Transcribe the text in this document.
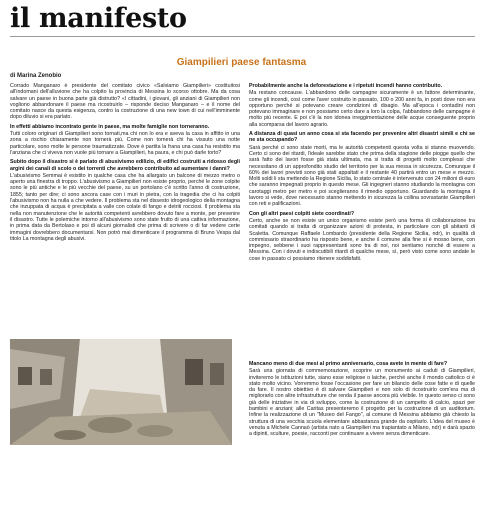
il manifesto
Giampilieri paese fantasma
di Marina Zenobio

Corrado Manganaro è presidente del comitato civico «Salviamo Giampilieri» costituitosi all'indomani dell'alluvione che ha colpito la provincia di Messina lo scorso ottobre. Ma da cosa salvare un paese in buona parte già distrutto? «I cittadini, i giovani, gli anziani di Giampilieri non vogliono abbandonare il paese ma ricostruirlo – risponde deciso Manganaro – e il nome del comitato nasce da questa esigenza, contro la costruzione di una new town di cui nell'imminente dopo diluvio si era parlato.

In effetti abbiamo incontrato gente in paese, ma molte famiglie non torneranno.

Tutti coloro originari di Giampilieri sono tornati,ma chi non lo era e aveva la casa in affitto in una zona a rischio chiaramente non tornerà più. Come non tornerà chi ha vissuto una notte particolare, sono molte le persone traumatizzate. Dove è partita la frana una casa ha resistito ma l'anziana che ci viveva non vuole più tornare a Giampilieri, ha paura, e chi può darle torto?

Subito dopo il disastro si è parlato di abusivismo edilizio, di edifici costruiti a ridosso degli argini dei canali di scolo o dei torrenti che avrebbero contribuito ad aumentare i danni?

L'abusivismo Semmai è esistito in qualche casa che ha allargato un balcone di mezzo metro o aperto una finestra di troppo. L'abusivismo a Giampilieri non esiste proprio, perché le zone colpite sono le più antiche e le più vecchie del paese, su un portolano c'è scritto l'anno di costruzione, 1855; tanto per dire; ci sono ancora case con i muri in pietra, con la tragedia che ci ha colpiti l'abusivismo non ha nulla a che vedere. Il problema sta nel dissesto idrogeologico della montagna che inzuppata di acqua è precipitata a valle con colate di fango e detriti rocciosi. Il problema sta nella non manutenzione che le autorità competenti avrebbero dovuto fare a monte, per prevenire il disastro. Tutte le polemiche intorno all'abusivismo sono state frutto di una cattiva informazione, in prima data da Bertolaso e poi di alcuni giornalisti che prima di scrivere o di far vedere certe immagini dovrebbero documentarsi. Non potrò mai dimenticare il programma di Bruno Vespa dal titolo La montagna degli abusivi.

Probabilmente anche la deforestazione e i ripetuti incendi hanno contribuito.

Ma restano concause. L'abbandono delle campagne sicuramente è un fattore determinante, come gli incendi, così come l'aver costruito in passato, 100 o 200 anni fa, in posti dove non era opportuno perché si potevano creare condizioni di disagio. Ma all'epoca i contadini non potevano immaginare e non possiamo certo dare a loro la colpa, l'abbandono delle campagne è molto più recente. E poi c'è la non idonea irreggimentazione delle acque conseguente proprio alla scomparsa del lavoro agrario.

A distanza di quasi un anno cosa si sta facendo per prevenire altri disastri simili e chi se ne sta occupando?

Sarà perché ci sono state morti, ma le autorità competenti questa volta si stanno muovendo. Certo ci sono dei ritardi, l'ideale sarebbe stato che prima della stagione delle piogge quello che sarà fatto dei lavori fosse già stata ultimata, ma si tratta di progetti molto complessi che necessitano di un approfondito studio del territorio per la sua messa in sicurezza. Comunque il 60% dei lavori previsti sono già stati appaltati e il restante 40 partirà entro un mese e mezzo. Molti soldi li sta mettendo la Regione Sicilia, lo stato centrale è intervenuto con 24 milioni di euro che saranno impegnati proprio in questo mese. Gli ingegneri stanno studiando la montagna con carotaggi metro per metro e poi sceglieranno il rimedio opportuno. Guardando la montagna il lavoro si vede, dove necessario stanno mettendo in sicurezza la collina sovrastante Giampilieri con reti e palificazioni.

Con gli altri paesi colpiti siete coordinati?

Certo, anche se non esiste un unico organismo esiste però una forma di collaborazione tra comitati quando si tratta di organizzare azioni di protesta, in particolare con gli abitanti di Scaletta. Comunque Raffaele Lombardo (presidente della Regione Sicilia, ndr), in qualità di commissario straordinario ha risposto bene, e anche il comune alla fine si è mosso bene, con impegno, sebbene i suoi rappresentanti sono tra di noi, noi sentiamo nonché di essere a Messina. Con i dovuti e indiscutibili ritardi di qualche mese, sì, però visto come sono andate le cose in passato ci possiamo ritenere soddisfatti.

Mancano meno di due mesi al primo anniversario, cosa avete in mente di fare?

Sarà una giornata di commemorazione, scoprire un monumento ai caduti di Giampilieri, inviteremo le istituzioni tutte, siano esse religiose o laiche, perché anche il mondo cattolico ci è stato molto vicino. Vorremmo fosse l'occasione per fare un bilancio delle cose fatte e di quelle da fare. Il nostro obiettivo è di salvare Giampilieri e non solo di ricostruirlo com'era ma di migliorarlo con altre infrastrutture che renda il paese ancora più vivibile. In questo senso ci sono già delle iniziative in via di sviluppo, come la costruzione di un campetto di calcio, spazi per bambini e anziani; alle Caritas presenteremo il progetto per la costruzione di un auditorium. Infine la realizzazione di un "Museo del Fango", al comune di Messina abbiamo già chiesto la struttura di una vecchia scuola elementare abbastanza grande da ospitarlo. L'idea del museo è venuta a Michele Cannaò (artista nato a Giampilieri ma trapiantato a Milano, ndr) e darà spazio a dipinti, sculture, poesie, racconti per continuare a vivere senza dimenticare.
